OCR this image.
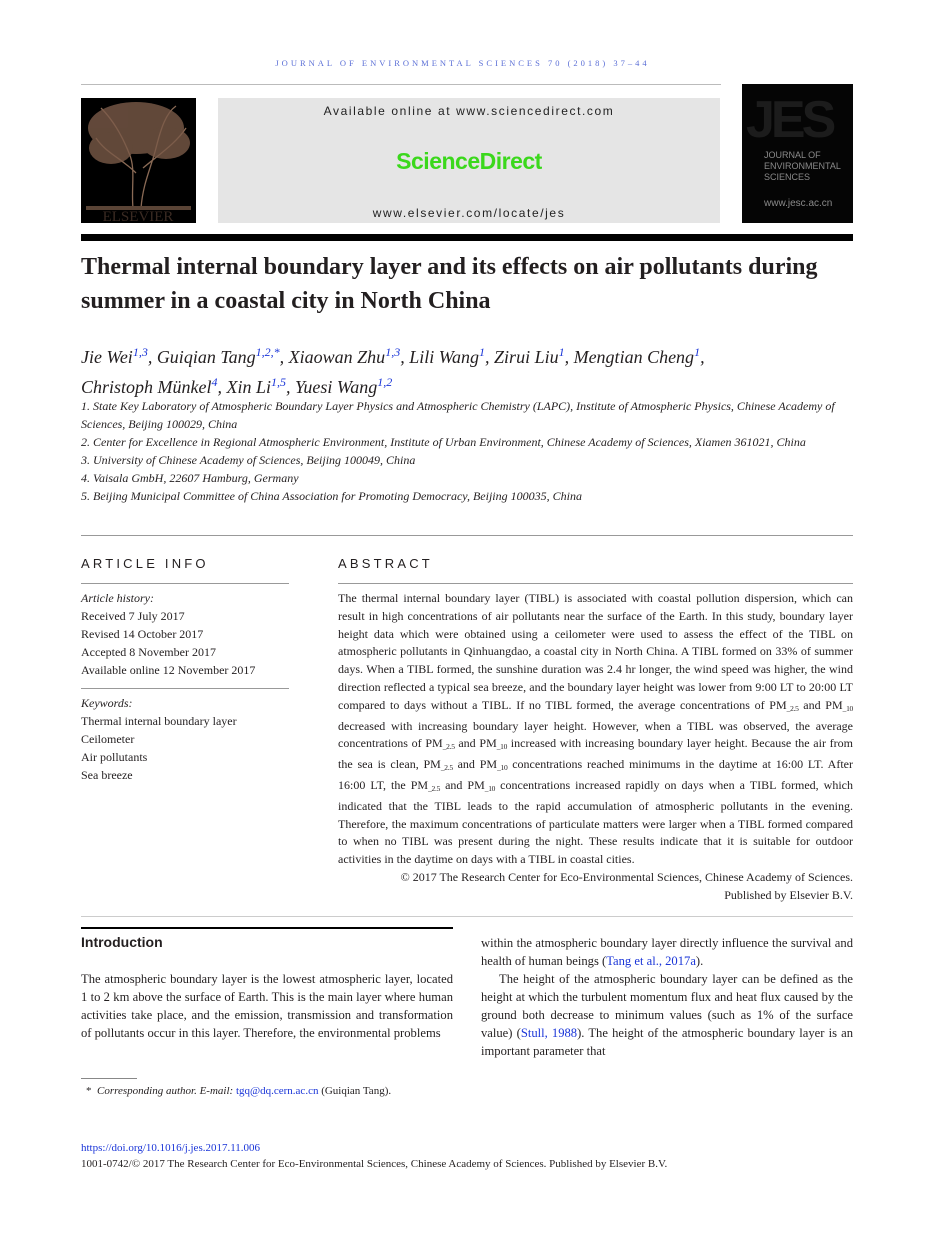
JOURNAL OF ENVIRONMENTAL SCIENCES 70 (2018) 37–44
ELSEVIER
Available online at www.sciencedirect.com
ScienceDirect
www.elsevier.com/locate/jes
JES
JOURNAL OF
ENVIRONMENTAL
SCIENCES
www.jesc.ac.cn
Thermal internal boundary layer and its effects on air pollutants during summer in a coastal city in North China
Jie Wei$^{1,3}$, Guiqian Tang$^{1,2,*}$, Xiaowan Zhu$^{1,3}$, Lili Wang$^1$, Zirui Liu$^1$, Mengtian Cheng$^1$,
Christoph Münkel$^4$, Xin Li$^{1,5}$, Yuesi Wang$^{1,2}$
1. State Key Laboratory of Atmospheric Boundary Layer Physics and Atmospheric Chemistry (LAPC), Institute of Atmospheric Physics, Chinese Academy of Sciences, Beijing 100029, China
2. Center for Excellence in Regional Atmospheric Environment, Institute of Urban Environment, Chinese Academy of Sciences, Xiamen 361021, China
3. University of Chinese Academy of Sciences, Beijing 100049, China
4. Vaisala GmbH, 22607 Hamburg, Germany
5. Beijing Municipal Committee of China Association for Promoting Democracy, Beijing 100035, China
ARTICLE INFO
Article history:
Received 7 July 2017
Revised 14 October 2017
Accepted 8 November 2017
Available online 12 November 2017
Keywords:
Thermal internal boundary layer
Ceilometer
Air pollutants
Sea breeze
ABSTRACT

The thermal internal boundary layer (TIBL) is associated with coastal pollution dispersion, which can result in high concentrations of air pollutants near the surface of the Earth. In this study, boundary layer height data which were obtained using a ceilometer were used to assess the effect of the TIBL on atmospheric pollutants in Qinhuangdao, a coastal city in North China. A TIBL formed on 33% of summer days. When a TIBL formed, the sunshine duration was 2.4 hr longer, the wind speed was higher, the wind direction reflected a typical sea breeze, and the boundary layer height was lower from 9:00 LT to 20:00 LT compared to days without a TIBL. If no TIBL formed, the average concentrations of $PM_{\_2.5}$ and $PM_{\_10}$ decreased with increasing boundary layer height. However, when a TIBL was observed, the average concentrations of $PM_{\_2.5}$ and $PM_{\_10}$ increased with increasing boundary layer height. Because the air from the sea is clean, $PM_{\_2.5}$ and $PM_{\_10}$ concentrations reached minimums in the daytime at 16:00 LT. After 16:00 LT, the $PM_{\_2.5}$ and $PM_{\_10}$ concentrations increased rapidly on days when a TIBL formed, which indicated that the TIBL leads to the rapid accumulation of atmospheric pollutants in the evening. Therefore, the maximum concentrations of particulate matters were larger when a TIBL formed compared to when no TIBL was present during the night. These results indicate that it is suitable for outdoor activities in the daytime on days with a TIBL in coastal cities.

© 2017 The Research Center for Eco-Environmental Sciences, Chinese Academy of Sciences.
Published by Elsevier B.V.
Introduction
The atmospheric boundary layer is the lowest atmospheric layer, located 1 to 2 km above the surface of Earth. This is the main layer where human activities take place, and the emission, transmission and transformation of pollutants occur in this layer. Therefore, the environmental problems

within the atmospheric boundary layer directly influence the survival and health of human beings (Tang et al., 2017a).

The height of the atmospheric boundary layer can be defined as the height at which the turbulent momentum flux and heat flux caused by the ground both decrease to minimum values (such as 1% of the surface value) (Stull, 1988). The height of the atmospheric boundary layer is an important parameter that

* Corresponding author. E-mail: tgq@dq.cern.ac.cn (Guiqian Tang).
https://doi.org/10.1016/j.jes.2017.11.006
1001-0742/© 2017 The Research Center for Eco-Environmental Sciences, Chinese Academy of Sciences. Published by Elsevier B.V.
